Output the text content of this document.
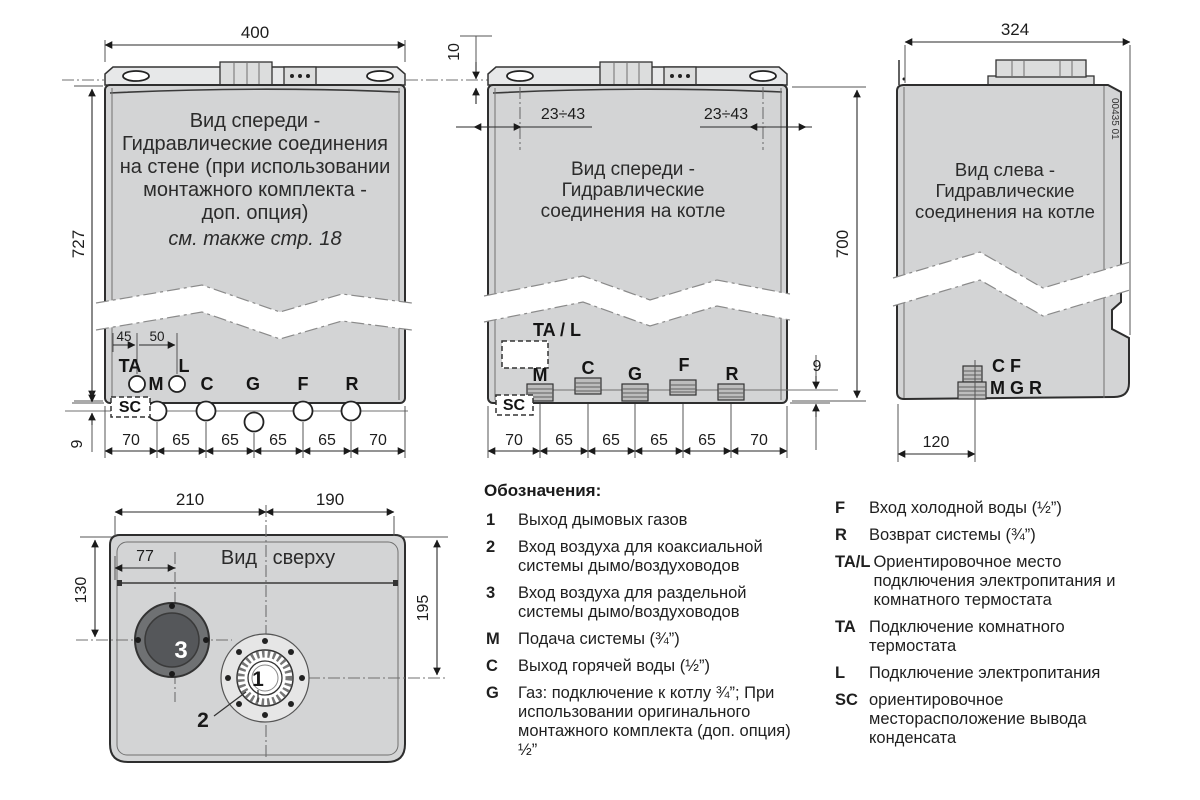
400
727
45 50
TA L
M C G F R
SC
9 70 65 65 65 65 70
10
23÷43	23÷43
TA / L
M C G F R
SC
9
700
70 65 65 65 65 70
00435 01
324
C F
M G R
120
210	190
77
130
195
3
1
2
Вид спереди -
Гидравлические соединения
на стене (при использовании
монтажного комплекта -
доп. опция)
см. также стр. 18
Вид спереди -
Гидравлические
соединения на котле
Вид слева -
Гидравлические
соединения на котле
Вид сверху
Обозначения:
1	Выход дымовых газов
2	Вход воздуха для коаксиальной системы дымо/воздуховодов
3	Вход воздуха для раздельной системы дымо/воздуховодов
M	Подача системы (¾”)
C	Выход горячей воды (½”)
G	Газ: подключение к котлу ¾”; При использовании оригинального монтажного комплекта (доп. опция) ½”
F	Вход холодной воды (½”)
R	Возврат системы (¾”)
TA/L Ориентировочное место подключения электропитания и комнатного термостата
TA Подключение комнатного термостата
L	Подключение электропитания
SC ориентировочное месторасположение вывода конденсата
